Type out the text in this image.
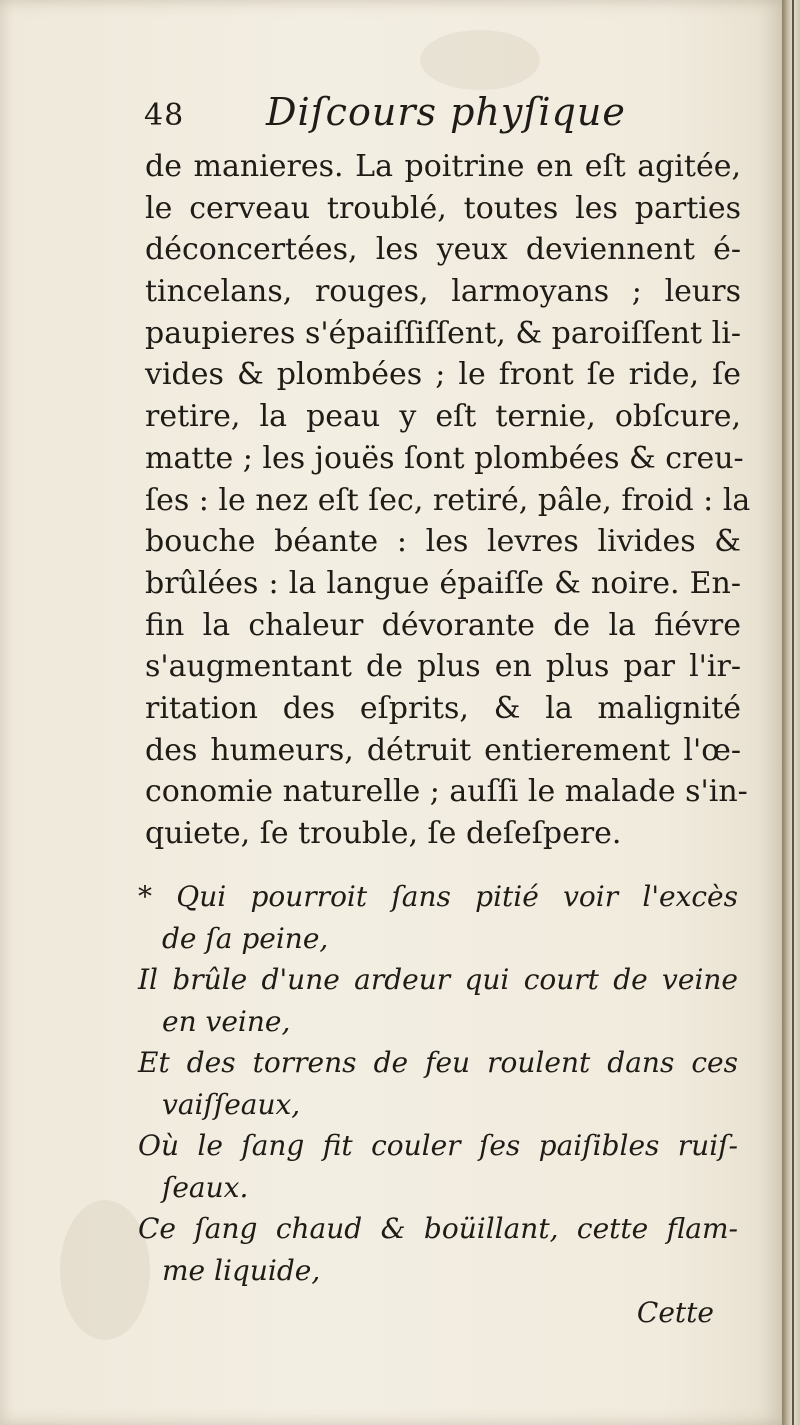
48 Diſcours phyſique
de manieres. La poitrine en eſt agitée,
le cerveau troublé, toutes les parties
déconcertées, les yeux deviennent é-
tincelans, rouges, larmoyans ; leurs
paupieres s'épaiſſiſſent, & paroiſſent li-
vides & plombées ; le front ſe ride, ſe
retire, la peau y eſt ternie, obſcure,
matte ; les jouës ſont plombées & creu-
ſes : le nez eſt ſec, retiré, pâle, froid : la
bouche béante : les levres livides &
brûlées : la langue épaiſſe & noire. En-
fin la chaleur dévorante de la fiévre
s'augmentant de plus en plus par l'ir-
ritation des eſprits, & la malignité
des humeurs, détruit entierement l'œ-
conomie naturelle ; auſſi le malade s'in-
quiete, ſe trouble, ſe deſeſpere.
* Qui pourroit ſans pitié voir l'excès
de ſa peine,
Il brûle d'une ardeur qui court de veine
en veine,
Et des torrens de feu roulent dans ces
vaiſſeaux,
Où le ſang fit couler ſes paiſibles ruiſ-
ſeaux.
Ce ſang chaud & boüillant, cette flam-
me liquide,
Cette
